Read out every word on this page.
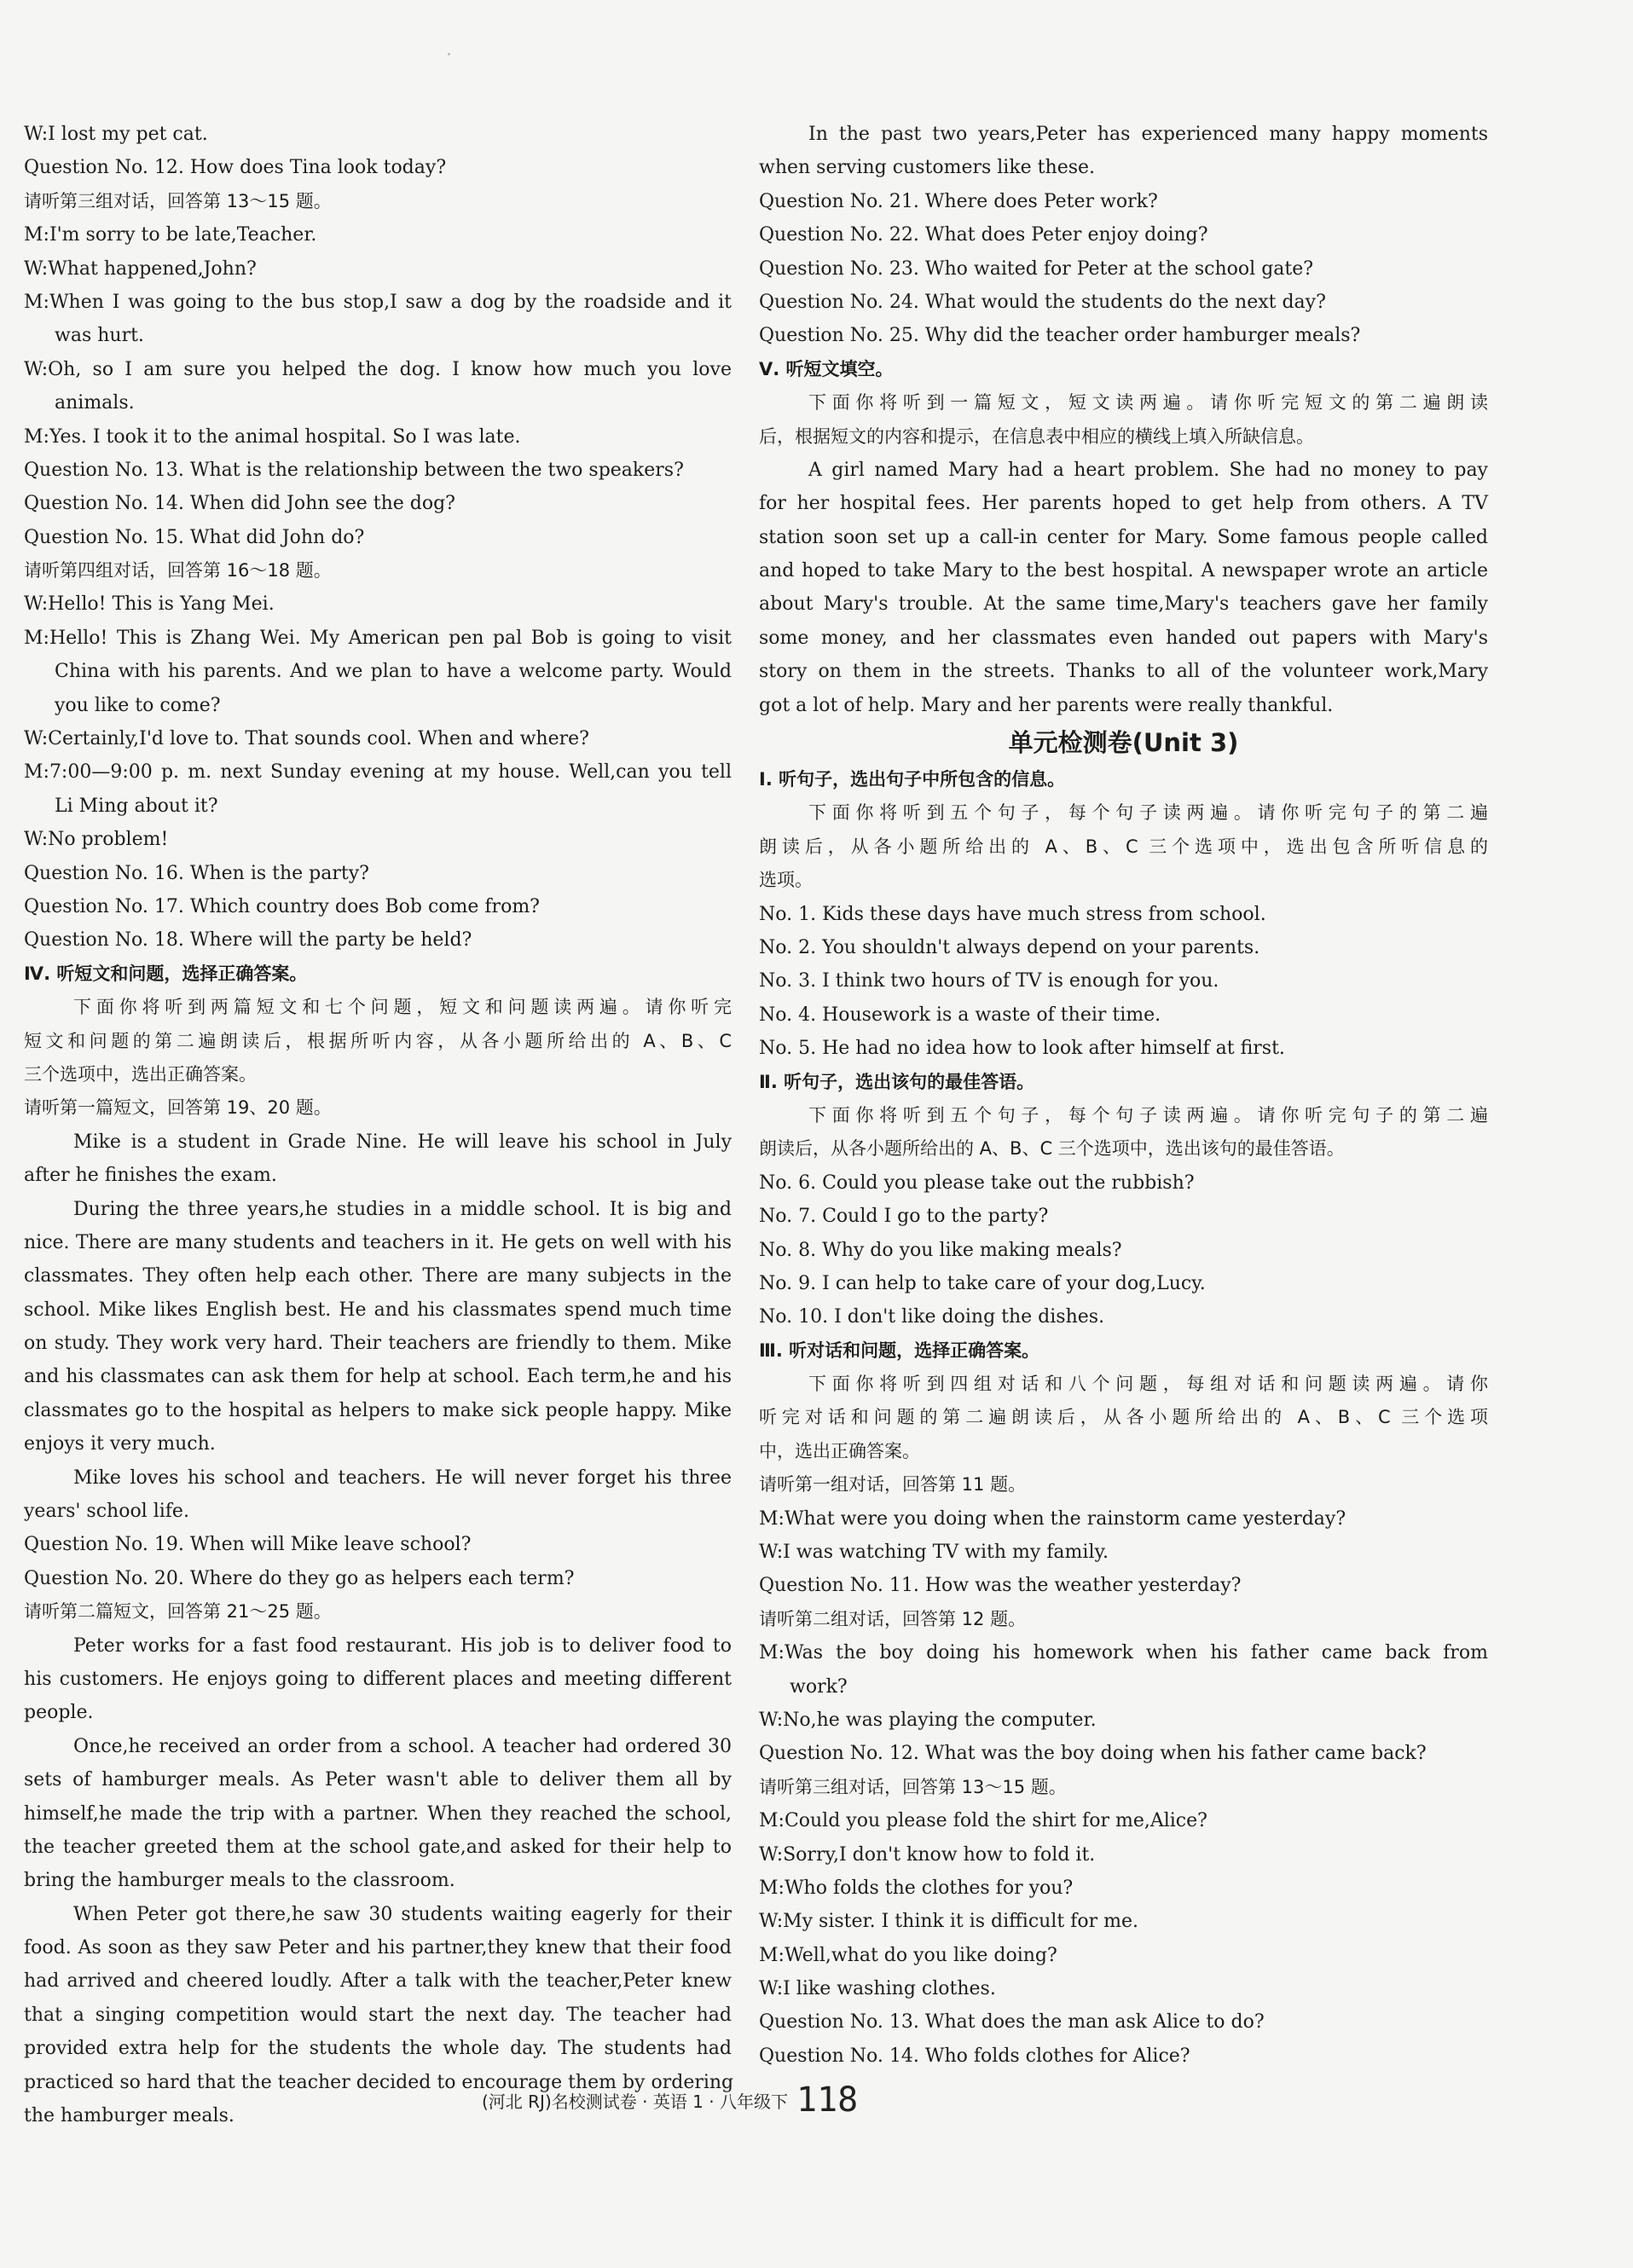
W:I lost my pet cat.
Question No. 12. How does Tina look today?
请听第三组对话，回答第 13～15 题。
M:I'm sorry to be late,Teacher.
W:What happened,John?
M:When I was going to the bus stop,I saw a dog by the roadside and it
was hurt.
W:Oh, so I am sure you helped the dog. I know how much you love
animals.
M:Yes. I took it to the animal hospital. So I was late.
Question No. 13. What is the relationship between the two speakers?
Question No. 14. When did John see the dog?
Question No. 15. What did John do?
请听第四组对话，回答第 16～18 题。
W:Hello! This is Yang Mei.
M:Hello! This is Zhang Wei. My American pen pal Bob is going to visit
China with his parents. And we plan to have a welcome party. Would
you like to come?
W:Certainly,I'd love to. That sounds cool. When and where?
M:7:00—9:00 p. m. next Sunday evening at my house. Well,can you tell
Li Ming about it?
W:No problem!
Question No. 16. When is the party?
Question No. 17. Which country does Bob come from?
Question No. 18. Where will the party be held?
Ⅳ. 听短文和问题，选择正确答案。
下面你将听到两篇短文和七个问题，短文和问题读两遍。请你听完
短文和问题的第二遍朗读后，根据所听内容，从各小题所给出的 A、B、C
三个选项中，选出正确答案。
请听第一篇短文，回答第 19、20 题。
Mike is a student in Grade Nine. He will leave his school in July
after he finishes the exam.
During the three years,he studies in a middle school. It is big and
nice. There are many students and teachers in it. He gets on well with his
classmates. They often help each other. There are many subjects in the
school. Mike likes English best. He and his classmates spend much time
on study. They work very hard. Their teachers are friendly to them. Mike
and his classmates can ask them for help at school. Each term,he and his
classmates go to the hospital as helpers to make sick people happy. Mike
enjoys it very much.
Mike loves his school and teachers. He will never forget his three
years' school life.
Question No. 19. When will Mike leave school?
Question No. 20. Where do they go as helpers each term?
请听第二篇短文，回答第 21～25 题。
Peter works for a fast food restaurant. His job is to deliver food to
his customers. He enjoys going to different places and meeting different
people.
Once,he received an order from a school. A teacher had ordered 30
sets of hamburger meals. As Peter wasn't able to deliver them all by
himself,he made the trip with a partner. When they reached the school,
the teacher greeted them at the school gate,and asked for their help to
bring the hamburger meals to the classroom.
When Peter got there,he saw 30 students waiting eagerly for their
food. As soon as they saw Peter and his partner,they knew that their food
had arrived and cheered loudly. After a talk with the teacher,Peter knew
that a singing competition would start the next day. The teacher had
provided extra help for the students the whole day. The students had
practiced so hard that the teacher decided to encourage them by ordering
the hamburger meals.
In the past two years,Peter has experienced many happy moments
when serving customers like these.
Question No. 21. Where does Peter work?
Question No. 22. What does Peter enjoy doing?
Question No. 23. Who waited for Peter at the school gate?
Question No. 24. What would the students do the next day?
Question No. 25. Why did the teacher order hamburger meals?
Ⅴ. 听短文填空。
下面你将听到一篇短文，短文读两遍。请你听完短文的第二遍朗读
后，根据短文的内容和提示，在信息表中相应的横线上填入所缺信息。
A girl named Mary had a heart problem. She had no money to pay
for her hospital fees. Her parents hoped to get help from others. A TV
station soon set up a call-in center for Mary. Some famous people called
and hoped to take Mary to the best hospital. A newspaper wrote an article
about Mary's trouble. At the same time,Mary's teachers gave her family
some money, and her classmates even handed out papers with Mary's
story on them in the streets. Thanks to all of the volunteer work,Mary
got a lot of help. Mary and her parents were really thankful.
单元检测卷(Unit 3)
Ⅰ. 听句子，选出句子中所包含的信息。
下面你将听到五个句子，每个句子读两遍。请你听完句子的第二遍
朗读后，从各小题所给出的 A、B、C 三个选项中，选出包含所听信息的
选项。
No. 1. Kids these days have much stress from school.
No. 2. You shouldn't always depend on your parents.
No. 3. I think two hours of TV is enough for you.
No. 4. Housework is a waste of their time.
No. 5. He had no idea how to look after himself at first.
Ⅱ. 听句子，选出该句的最佳答语。
下面你将听到五个句子，每个句子读两遍。请你听完句子的第二遍
朗读后，从各小题所给出的 A、B、C 三个选项中，选出该句的最佳答语。
No. 6. Could you please take out the rubbish?
No. 7. Could I go to the party?
No. 8. Why do you like making meals?
No. 9. I can help to take care of your dog,Lucy.
No. 10. I don't like doing the dishes.
Ⅲ. 听对话和问题，选择正确答案。
下面你将听到四组对话和八个问题，每组对话和问题读两遍。请你
听完对话和问题的第二遍朗读后，从各小题所给出的 A、B、C 三个选项
中，选出正确答案。
请听第一组对话，回答第 11 题。
M:What were you doing when the rainstorm came yesterday?
W:I was watching TV with my family.
Question No. 11. How was the weather yesterday?
请听第二组对话，回答第 12 题。
M:Was the boy doing his homework when his father came back from
work?
W:No,he was playing the computer.
Question No. 12. What was the boy doing when his father came back?
请听第三组对话，回答第 13～15 题。
M:Could you please fold the shirt for me,Alice?
W:Sorry,I don't know how to fold it.
M:Who folds the clothes for you?
W:My sister. I think it is difficult for me.
M:Well,what do you like doing?
W:I like washing clothes.
Question No. 13. What does the man ask Alice to do?
Question No. 14. Who folds clothes for Alice?
(河北 RJ)名校测试卷 · 英语 1 · 八年级下 118
